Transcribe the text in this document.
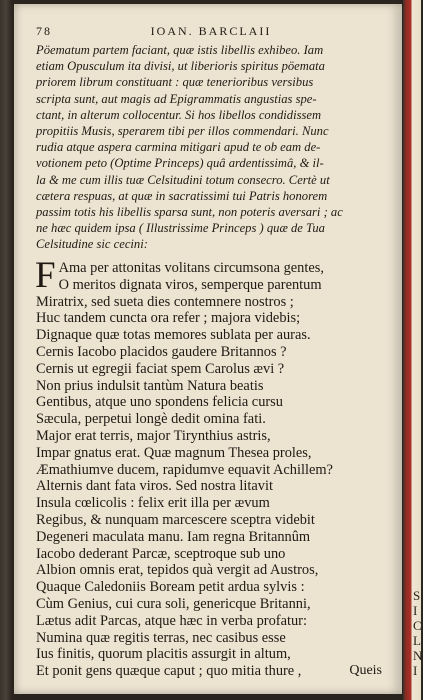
78	IOAN. BARCLAII
Pöematum partem faciant, quæ istis libellis exhibeo. Iam
etiam Opusculum ita divisi, ut liberioris spiritus pöemata
priorem librum constituant : quæ tenerioribus versibus
scripta sunt, aut magis ad Epigrammatis angustias spe-
ctant, in alterum collocentur. Si hos libellos condidissem
propitiis Musis, sperarem tibi per illos commendari. Nunc
rudia atque aspera carmina mitigari apud te ob eam de-
votionem peto (Optime Princeps) quâ ardentissimâ, & il-
la & me cum illis tuæ Celsitudini totum consecro. Certè ut
cætera respuas, at quæ in sacratissimi tui Patris honorem
passim totis his libellis sparsa sunt, non poteris aversari ; ac
ne hæc quidem ipsa ( Illustrissime Princeps ) quæ de Tua
Celsitudine sic cecini:
F Ama per attonitas volitans circumsona gentes,
O meritos dignata viros, semperque parentum
Miratrix, sed sueta dies contemnere nostros ;
Huc tandem cuncta ora refer ; majora videbis;
Dignaque quæ totas memores sublata per auras.
Cernis Iacobo placidos gaudere Britannos ?
Cernis ut egregii faciat spem Carolus ævi ?
Non prius indulsit tantùm Natura beatis
Gentibus, atque uno spondens felicia cursu
Sæcula, perpetui longè dedit omina fati.
Major erat terris, major Tirynthius astris,
Impar gnatus erat. Quæ magnum Thesea proles,
Æmathiumve ducem, rapidumve equavit Achillem?
Alternis dant fata viros. Sed nostra litavit
Insula cœlicolis : felix erit illa per ævum
Regibus, & nunquam marcescere sceptra videbit
Degeneri maculata manu. Iam regna Britannûm
Iacobo dederant Parcæ, sceptroque sub uno
Albion omnis erat, tepidos quà vergit ad Austros,
Quaque Caledoniis Boream petit ardua sylvis :
Cùm Genius, cui cura soli, genericque Britanni,
Lætus adit Parcas, atque hæc in verba profatur:
Numina quæ regitis terras, nec casibus esse
Ius finitis, quorum placitis assurgit in altum,
Et ponit gens quæque caput ; quo mitia thure ,	Queis
S
I
C
L
N
I
